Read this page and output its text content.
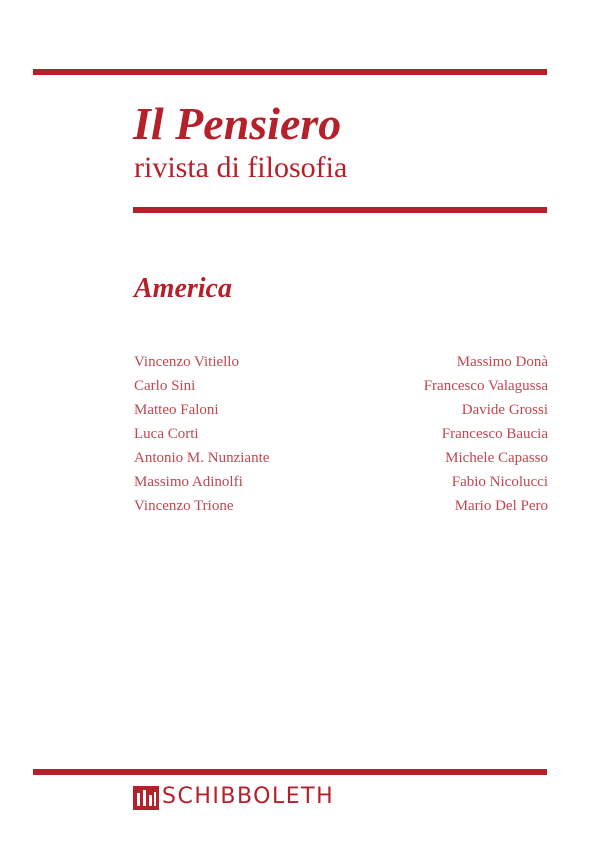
Il Pensiero
rivista di filosofia
America
Vincenzo Vitiello
Carlo Sini
Matteo Faloni
Luca Corti
Antonio M. Nunziante
Massimo Adinolfi
Vincenzo Trione
Massimo Donà
Francesco Valagussa
Davide Grossi
Francesco Baucia
Michele Capasso
Fabio Nicolucci
Mario Del Pero
SCHIBBOLETH
